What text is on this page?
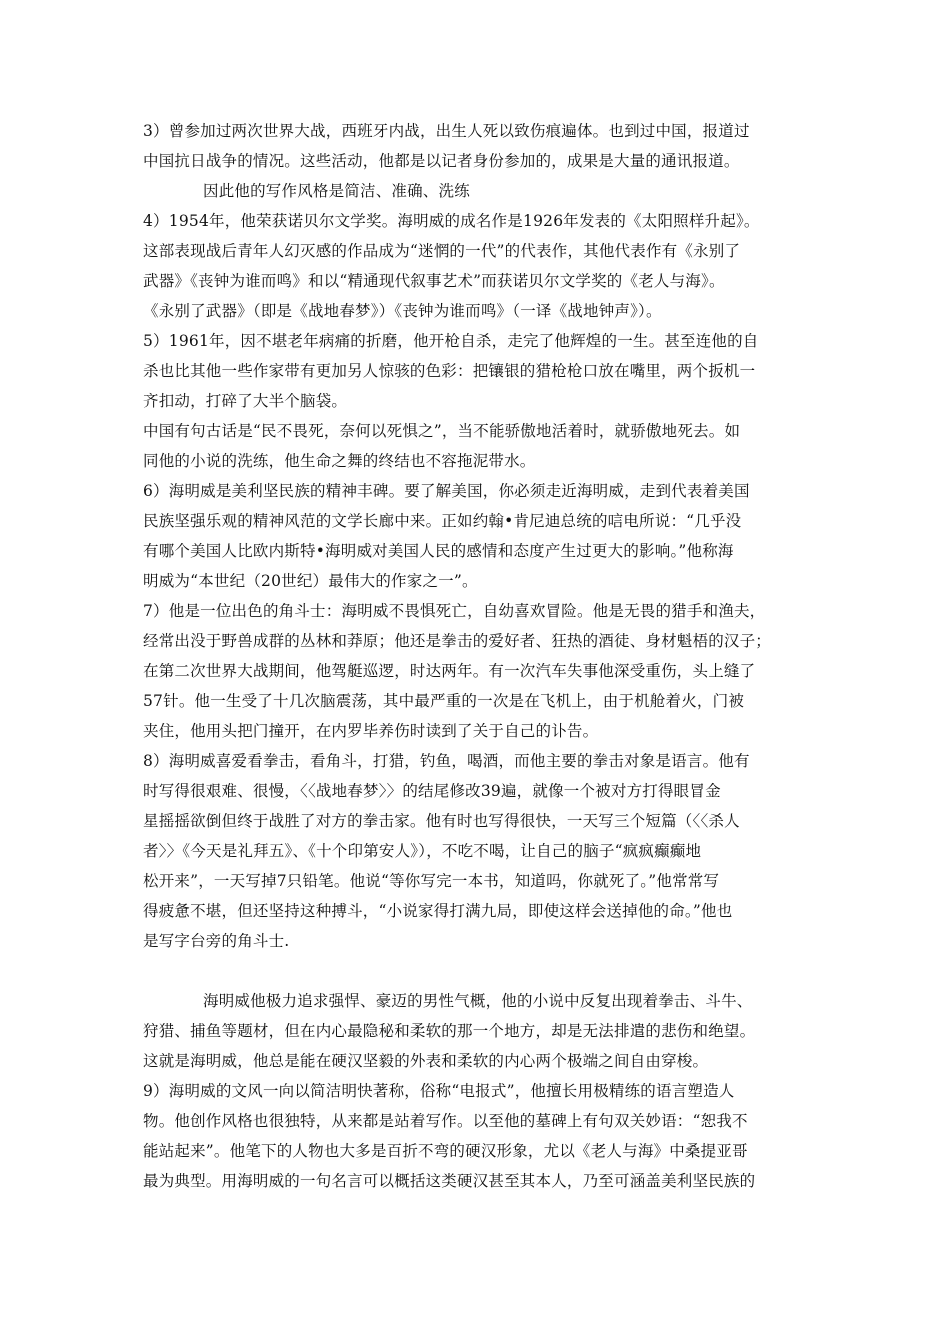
3）曾参加过两次世界大战，西班牙内战，出生人死以致伤痕遍体。也到过中国，报道过
中国抗日战争的情况。这些活动，他都是以记者身份参加的，成果是大量的通讯报道。
因此他的写作风格是简洁、准确、洗练
4）1954年，他荣获诺贝尔文学奖。海明威的成名作是1926年发表的《太阳照样升起》。
这部表现战后青年人幻灭感的作品成为“迷惘的一代”的代表作，其他代表作有《永别了
武器》《丧钟为谁而鸣》和以“精通现代叙事艺术”而获诺贝尔文学奖的《老人与海》。
《永别了武器》（即是《战地春梦》）《丧钟为谁而鸣》（一译《战地钟声》）。
5）1961年，因不堪老年病痛的折磨，他开枪自杀，走完了他辉煌的一生。甚至连他的自
杀也比其他一些作家带有更加另人惊骇的色彩：把镶银的猎枪枪口放在嘴里，两个扳机一
齐扣动，打碎了大半个脑袋。
中国有句古话是“民不畏死，奈何以死惧之”，当不能骄傲地活着时，就骄傲地死去。如
同他的小说的洗练，他生命之舞的终结也不容拖泥带水。
6）海明威是美利坚民族的精神丰碑。要了解美国，你必须走近海明威，走到代表着美国
民族坚强乐观的精神风范的文学长廊中来。正如约翰•肯尼迪总统的唁电所说：“几乎没
有哪个美国人比欧内斯特•海明威对美国人民的感情和态度产生过更大的影响。”他称海
明威为“本世纪（20世纪）最伟大的作家之一”。
7）他是一位出色的角斗士：海明威不畏惧死亡，自幼喜欢冒险。他是无畏的猎手和渔夫，
经常出没于野兽成群的丛林和莽原；他还是拳击的爱好者、狂热的酒徒、身材魁梧的汉子；
在第二次世界大战期间，他驾艇巡逻，时达两年。有一次汽车失事他深受重伤，头上缝了
57针。他一生受了十几次脑震荡，其中最严重的一次是在飞机上，由于机舱着火，门被
夹住，他用头把门撞开，在内罗毕养伤时读到了关于自己的讣告。
8）海明威喜爱看拳击，看角斗，打猎，钓鱼，喝酒，而他主要的拳击对象是语言。他有
时写得很艰难、很慢，〈〈战地春梦〉〉的结尾修改39遍，就像一个被对方打得眼冒金
星摇摇欲倒但终于战胜了对方的拳击家。他有时也写得很快，一天写三个短篇（〈〈杀人
者〉〉《今天是礼拜五》、《十个印第安人》），不吃不喝，让自己的脑子“疯疯癫癫地
松开来”，一天写掉7只铅笔。他说“等你写完一本书，知道吗，你就死了。”他常常写
得疲惫不堪，但还坚持这种搏斗，“小说家得打满九局，即使这样会送掉他的命。”他也
是写字台旁的角斗士.
海明威他极力追求强悍、豪迈的男性气概，他的小说中反复出现着拳击、斗牛、
狩猎、捕鱼等题材，但在内心最隐秘和柔软的那一个地方，却是无法排遣的悲伤和绝望。
这就是海明威，他总是能在硬汉坚毅的外表和柔软的内心两个极端之间自由穿梭。
9）海明威的文风一向以简洁明快著称，俗称“电报式”，他擅长用极精练的语言塑造人
物。他创作风格也很独特，从来都是站着写作。以至他的墓碑上有句双关妙语：“恕我不
能站起来”。他笔下的人物也大多是百折不弯的硬汉形象，尤以《老人与海》中桑提亚哥
最为典型。用海明威的一句名言可以概括这类硬汉甚至其本人，乃至可涵盖美利坚民族的
